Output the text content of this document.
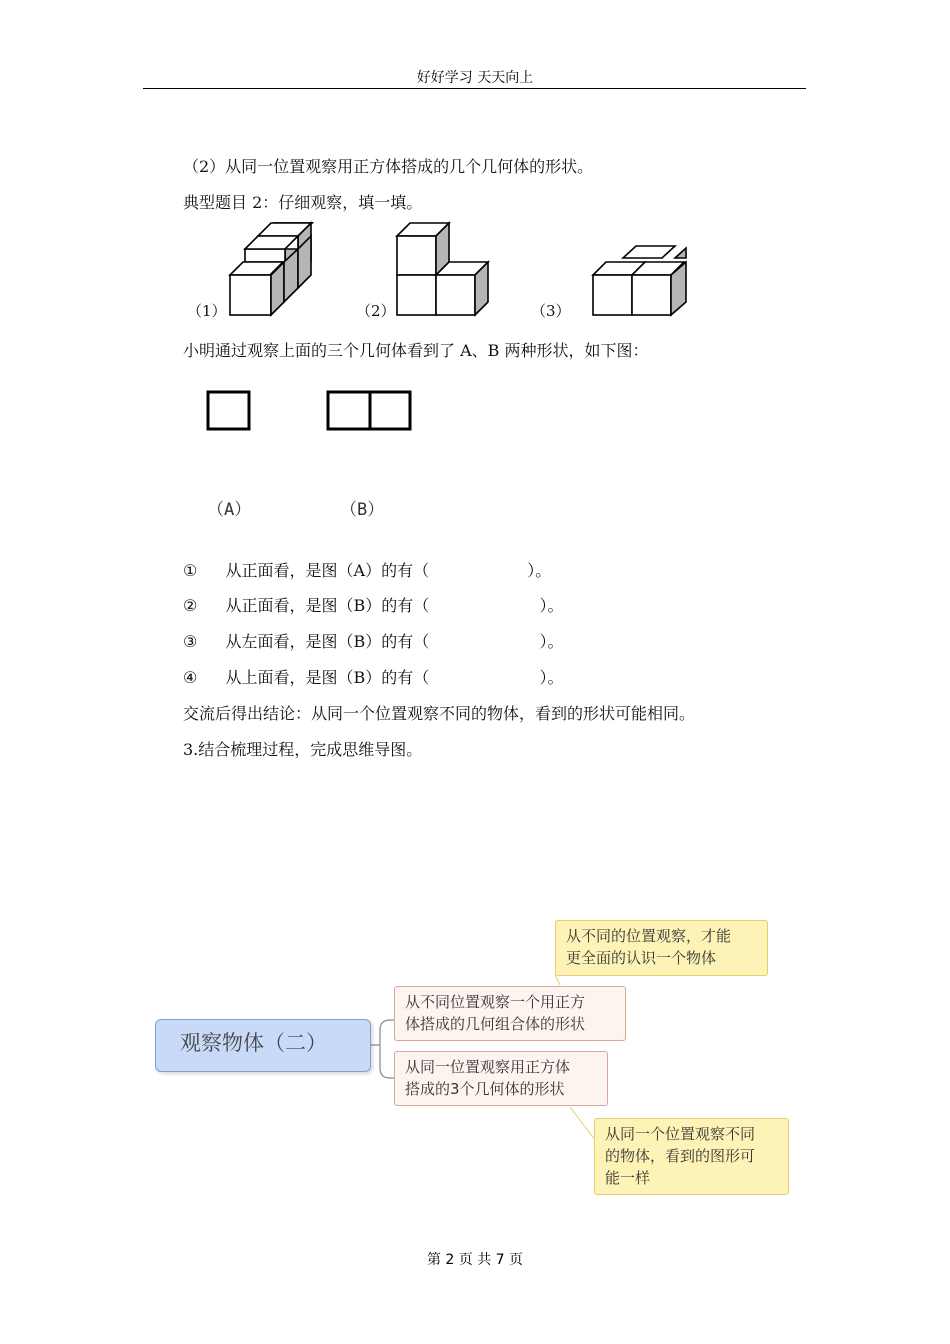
好好学习 天天向上
（2）从同一位置观察用正方体搭成的几个几何体的形状。
典型题目 2：仔细观察，填一填。
（1）	（2）	（3）
小明通过观察上面的三个几何体看到了 A、B 两种形状，如下图：
（A）	（B）
① 从正面看，是图（A）的有（	）。
② 从正面看，是图（B）的有（	）。
③ 从左面看，是图（B）的有（	）。
④ 从上面看，是图（B）的有（	）。
交流后得出结论：从同一个位置观察不同的物体，看到的形状可能相同。
3.结合梳理过程，完成思维导图。
观察物体（二）
从不同位置观察一个用正方
体搭成的几何组合体的形状
从同一位置观察用正方体
搭成的3个几何体的形状
从不同的位置观察，才能
更全面的认识一个物体
从同一个位置观察不同
的物体，看到的图形可
能一样
第 2 页 共 7 页
